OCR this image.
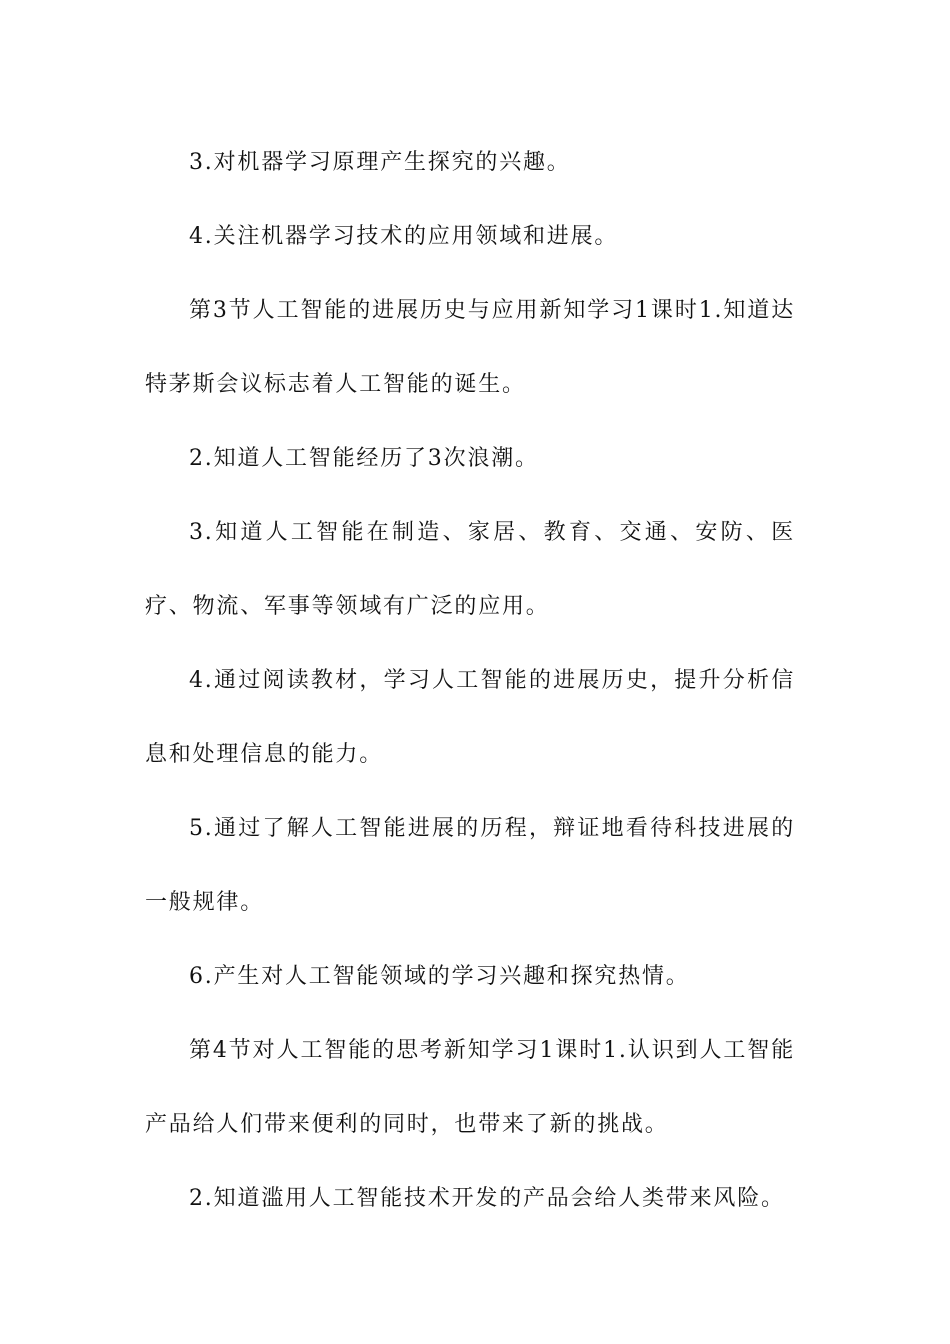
3.对机器学习原理产生探究的兴趣。

4.关注机器学习技术的应用领域和进展。

第3节人工智能的进展历史与应用新知学习1课时1.知道达特茅斯会议标志着人工智能的诞生。

2.知道人工智能经历了3次浪潮。

3.知道人工智能在制造、家居、教育、交通、安防、医疗、物流、军事等领域有广泛的应用。

4.通过阅读教材，学习人工智能的进展历史，提升分析信息和处理信息的能力。

5.通过了解人工智能进展的历程，辩证地看待科技进展的一般规律。

6.产生对人工智能领域的学习兴趣和探究热情。

第4节对人工智能的思考新知学习1课时1.认识到人工智能产品给人们带来便利的同时，也带来了新的挑战。

2.知道滥用人工智能技术开发的产品会给人类带来风险。
